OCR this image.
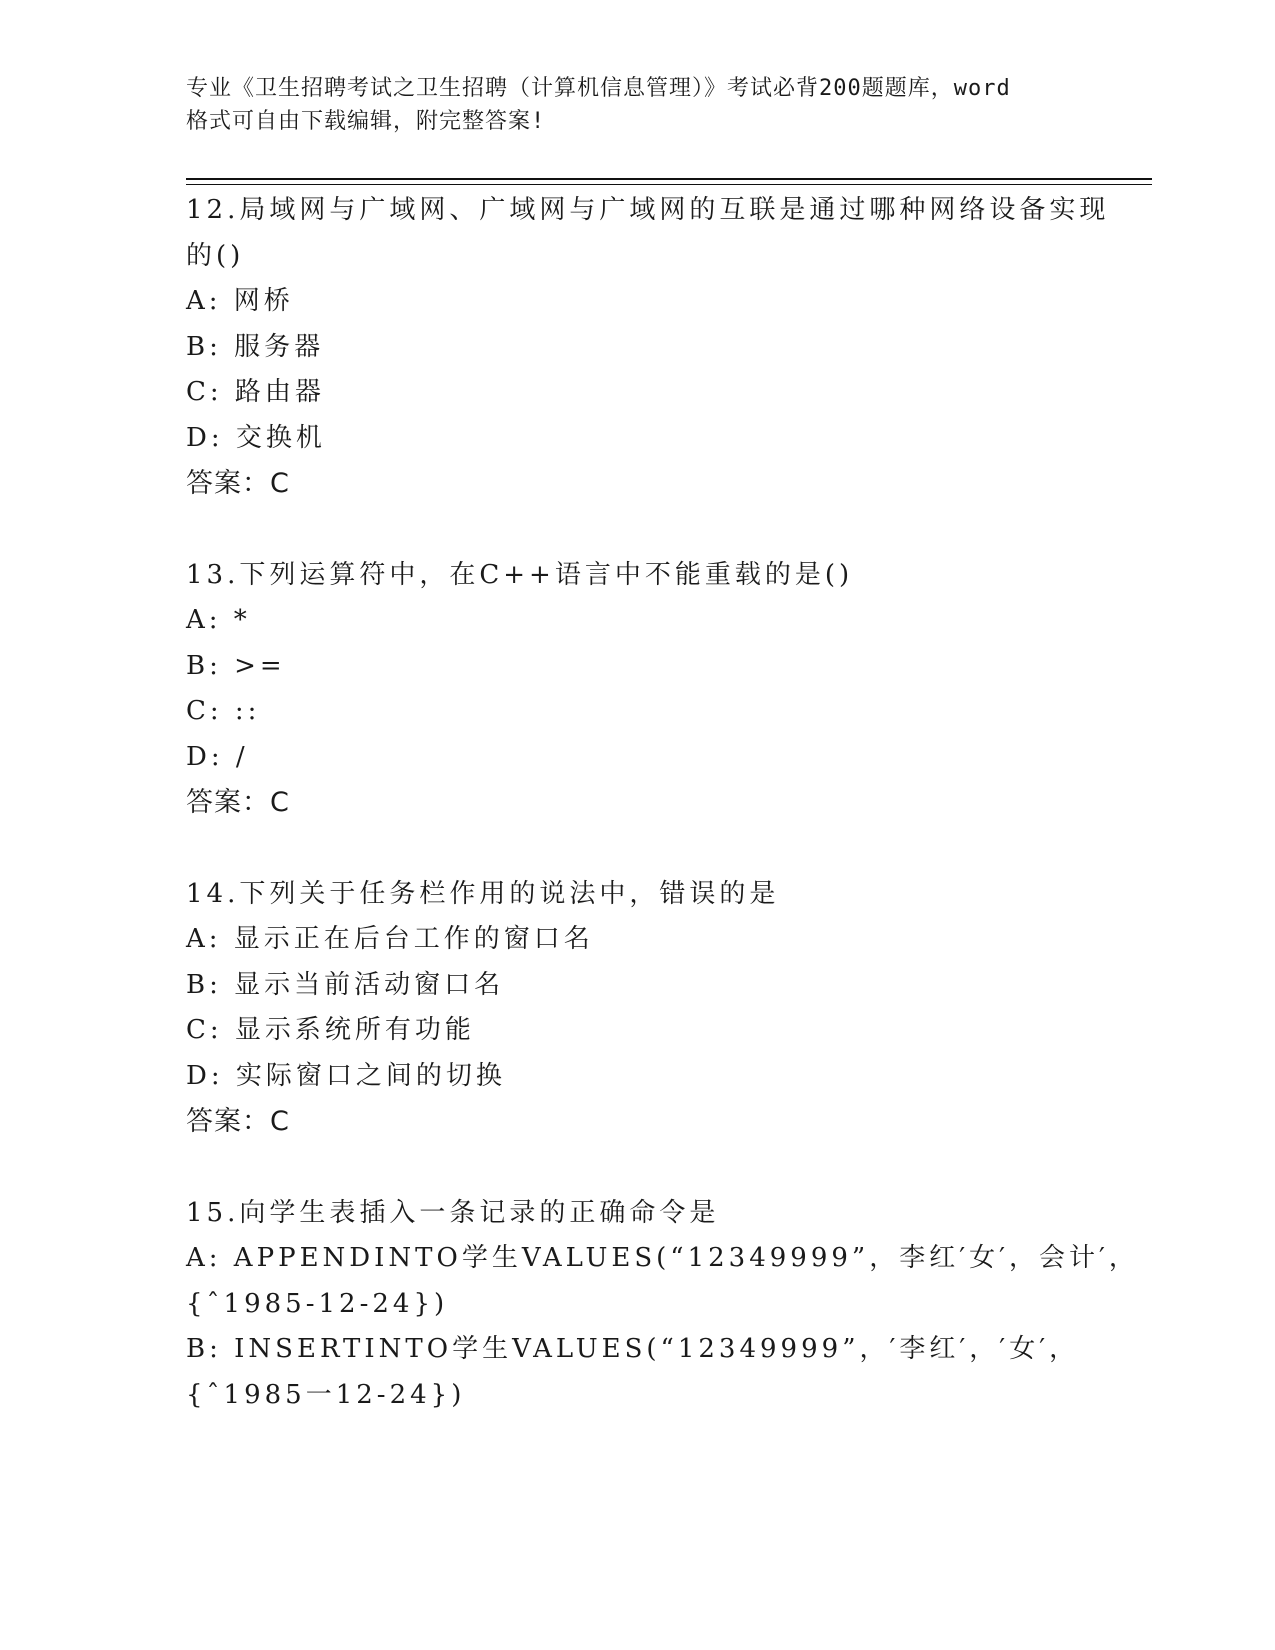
专业《卫生招聘考试之卫生招聘（计算机信息管理）》考试必背200题题库，word
格式可自由下载编辑，附完整答案!
12.局域网与广域网、广域网与广域网的互联是通过哪种网络设备实现
的()
A: 网桥
B: 服务器
C: 路由器
D: 交换机
答案：C
13.下列运算符中，在C++语言中不能重载的是()
A: *
B: >=
C: ::
D: /
答案：C
14.下列关于任务栏作用的说法中，错误的是
A: 显示正在后台工作的窗口名
B: 显示当前活动窗口名
C: 显示系统所有功能
D: 实际窗口之间的切换
答案：C
15.向学生表插入一条记录的正确命令是
A: APPENDINTO学生VALUES(“12349999”，李红′女′，会计′，
{ˆ1985-12-24})
B: INSERTINTO学生VALUES(“12349999”，′李红′，′女′，
{ˆ1985一12-24})
